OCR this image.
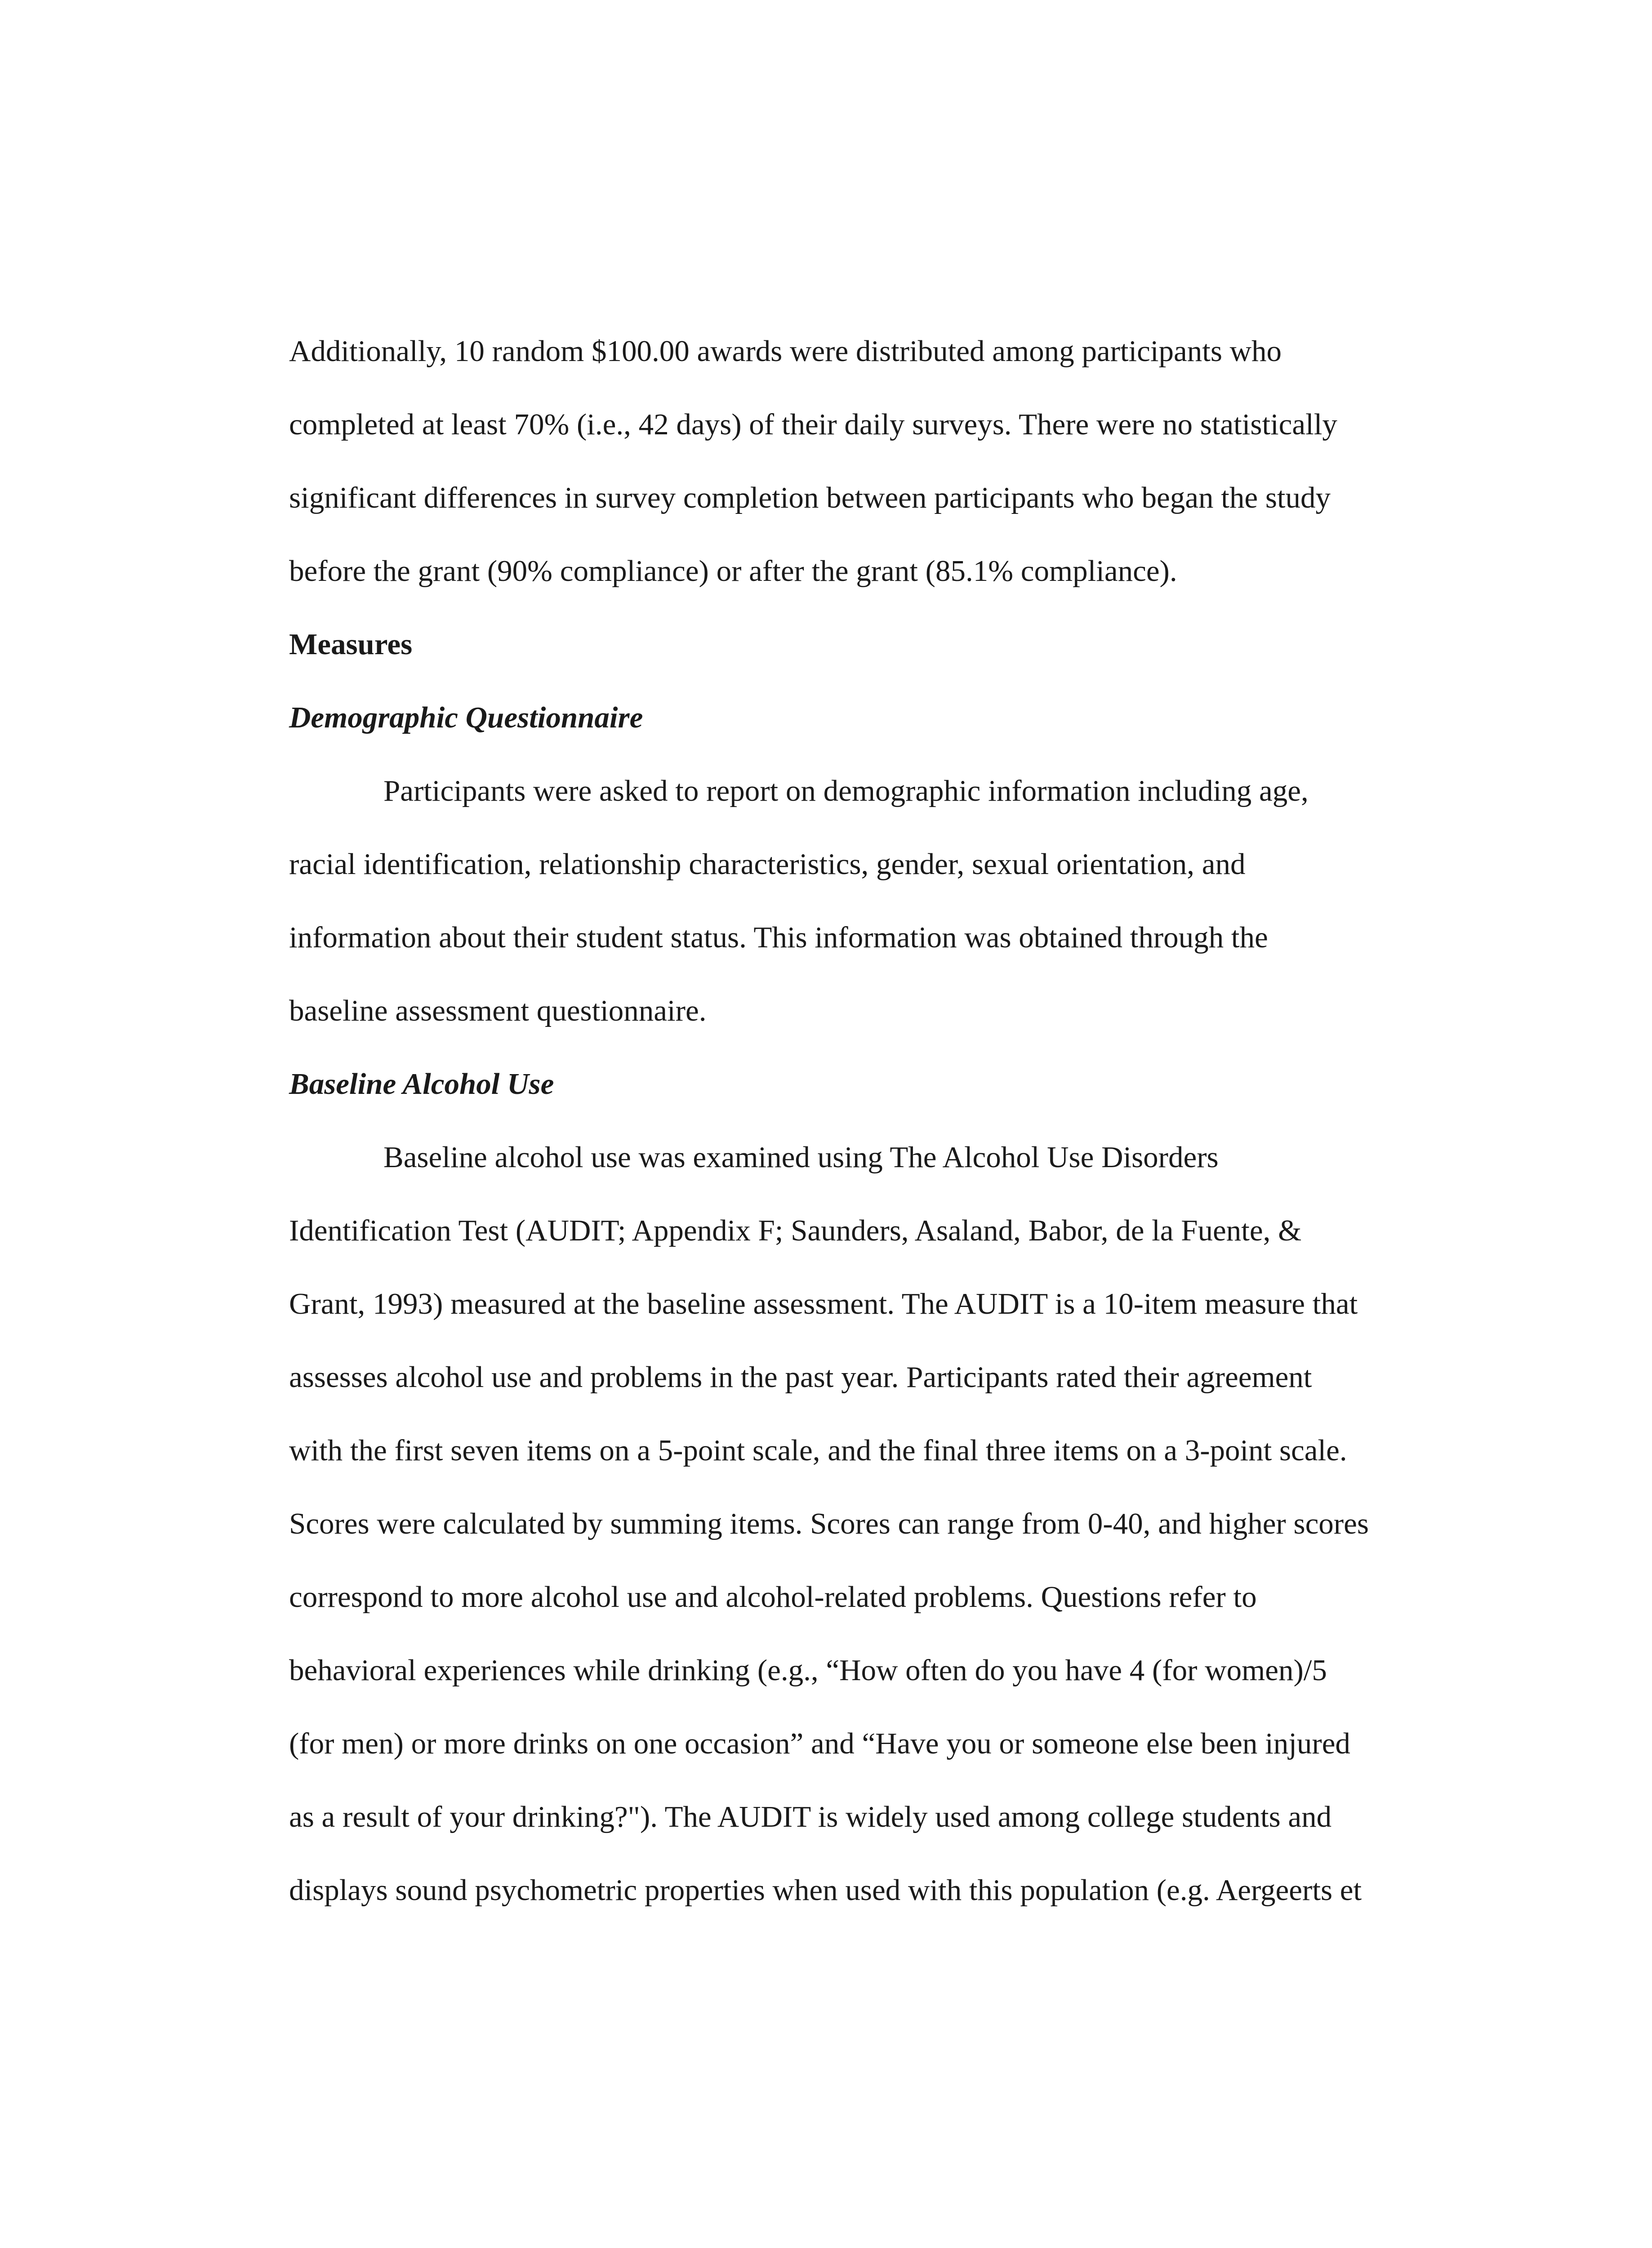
Additionally, 10 random $100.00 awards were distributed among participants who
completed at least 70% (i.e., 42 days) of their daily surveys. There were no statistically
significant differences in survey completion between participants who began the study
before the grant (90% compliance) or after the grant (85.1% compliance).
Measures
Demographic Questionnaire
Participants were asked to report on demographic information including age,
racial identification, relationship characteristics, gender, sexual orientation, and
information about their student status. This information was obtained through the
baseline assessment questionnaire.
Baseline Alcohol Use
Baseline alcohol use was examined using The Alcohol Use Disorders
Identification Test (AUDIT; Appendix F; Saunders, Asaland, Babor, de la Fuente, &
Grant, 1993) measured at the baseline assessment. The AUDIT is a 10-item measure that
assesses alcohol use and problems in the past year. Participants rated their agreement
with the first seven items on a 5-point scale, and the final three items on a 3-point scale.
Scores were calculated by summing items. Scores can range from 0-40, and higher scores
correspond to more alcohol use and alcohol-related problems. Questions refer to
behavioral experiences while drinking (e.g., “How often do you have 4 (for women)/5
(for men) or more drinks on one occasion” and “Have you or someone else been injured
as a result of your drinking?"). The AUDIT is widely used among college students and
displays sound psychometric properties when used with this population (e.g. Aergeerts et
